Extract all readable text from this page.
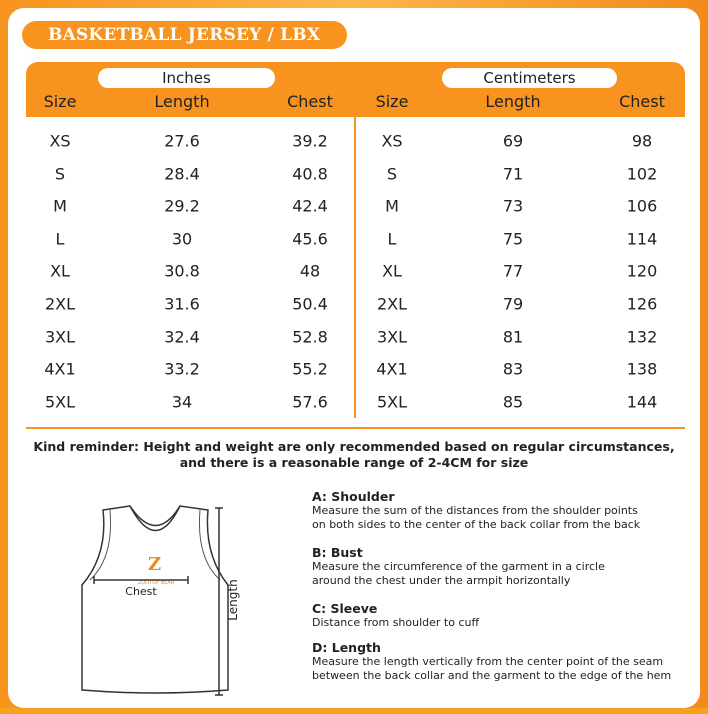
BASKETBALL JERSEY / LBX
Inches	Centimeters
Size	Length	Chest	Size	Length	Chest
XS	27.6	39.2	XS	69	98
S	28.4	40.8	S	71	102
M	29.2	42.4	M	73	106
L	30	45.6	L	75	114
XL	30.8	48	XL	77	120
2XL	31.6	50.4	2XL	79	126
3XL	32.4	52.8	3XL	81	132
4X1	33.2	55.2	4X1	83	138
5XL	34	57.6	5XL	85	144
Kind reminder: Height and weight are only recommended based on regular circumstances,
and there is a reasonable range of 2-4CM for size
Z
ZOOTOP BEAR
Chest	Length
A: Shoulder
Measure the sum of the distances from the shoulder points
on both sides to the center of the back collar from the back
B: Bust
Measure the circumference of the garment in a circle
around the chest under the armpit horizontally
C: Sleeve
Distance from shoulder to cuff
D: Length
Measure the length vertically from the center point of the seam
between the back collar and the garment to the edge of the hem
